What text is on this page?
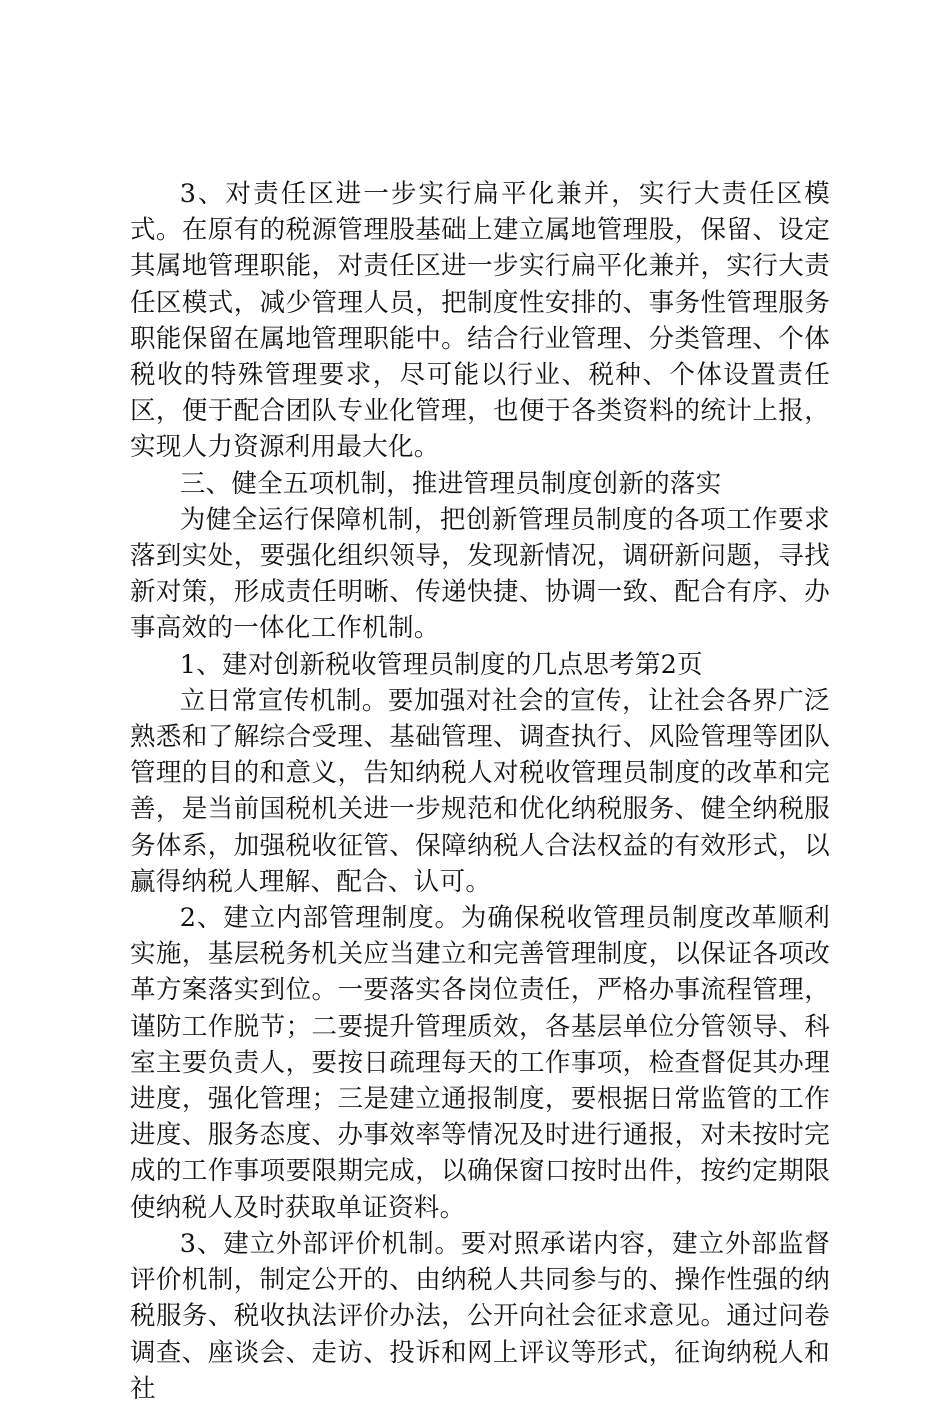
3、对责任区进一步实行扁平化兼并，实行大责任区模式。在原有的税源管理股基础上建立属地管理股，保留、设定其属地管理职能，对责任区进一步实行扁平化兼并，实行大责任区模式，减少管理人员，把制度性安排的、事务性管理服务职能保留在属地管理职能中。结合行业管理、分类管理、个体税收的特殊管理要求，尽可能以行业、税种、个体设置责任区，便于配合团队专业化管理，也便于各类资料的统计上报，实现人力资源利用最大化。

三、健全五项机制，推进管理员制度创新的落实

为健全运行保障机制，把创新管理员制度的各项工作要求落到实处，要强化组织领导，发现新情况，调研新问题，寻找新对策，形成责任明晰、传递快捷、协调一致、配合有序、办事高效的一体化工作机制。

1、建对创新税收管理员制度的几点思考第2页

立日常宣传机制。要加强对社会的宣传，让社会各界广泛熟悉和了解综合受理、基础管理、调查执行、风险管理等团队管理的目的和意义，告知纳税人对税收管理员制度的改革和完善，是当前国税机关进一步规范和优化纳税服务、健全纳税服务体系，加强税收征管、保障纳税人合法权益的有效形式，以赢得纳税人理解、配合、认可。

2、建立内部管理制度。为确保税收管理员制度改革顺利实施，基层税务机关应当建立和完善管理制度，以保证各项改革方案落实到位。一要落实各岗位责任，严格办事流程管理，谨防工作脱节；二要提升管理质效，各基层单位分管领导、科室主要负责人，要按日疏理每天的工作事项，检查督促其办理进度，强化管理；三是建立通报制度，要根据日常监管的工作进度、服务态度、办事效率等情况及时进行通报，对未按时完成的工作事项要限期完成，以确保窗口按时出件，按约定期限使纳税人及时获取单证资料。

3、建立外部评价机制。要对照承诺内容，建立外部监督评价机制，制定公开的、由纳税人共同参与的、操作性强的纳税服务、税收执法评价办法，公开向社会征求意见。通过问卷调查、座谈会、走访、投诉和网上评议等形式，征询纳税人和社
